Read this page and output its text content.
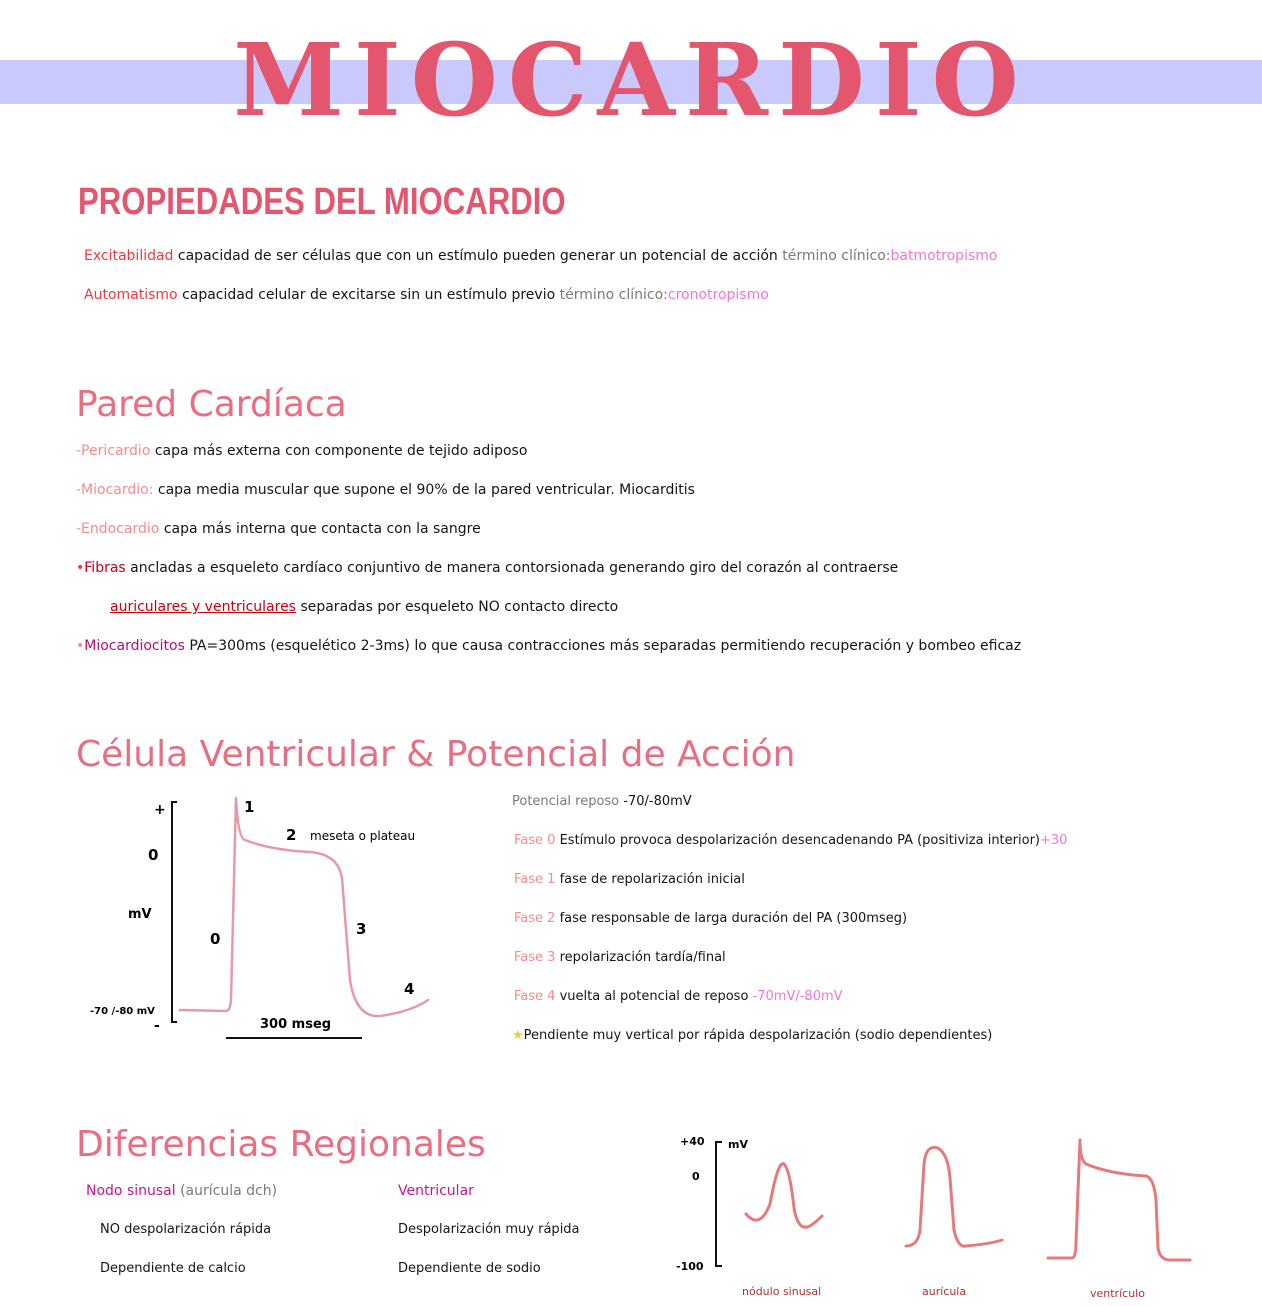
MIOCARDIO
PROPIEDADES DEL MIOCARDIO
Excitabilidad capacidad de ser células que con un estímulo pueden generar un potencial de acción término clínico:batmotropismo
Automatismo capacidad celular de excitarse sin un estímulo previo término clínico:cronotropismo
Pared Cardíaca
-Pericardio capa más externa con componente de tejido adiposo
-Miocardio: capa media muscular que supone el 90% de la pared ventricular. Miocarditis
-Endocardio capa más interna que contacta con la sangre
•Fibras ancladas a esqueleto cardíaco conjuntivo de manera contorsionada generando giro del corazón al contraerse
auriculares y ventriculares separadas por esqueleto NO contacto directo
•Miocardiocitos PA=300ms (esquelético 2-3ms) lo que causa contracciones más separadas permitiendo recuperación y bombeo eficaz
Célula Ventricular & Potencial de Acción
+
0
mV
-70 /-80 mV
-
0
1
2 meseta o plateau
3
4
300 mseg
Potencial reposo -70/-80mV
Fase 0 Estímulo provoca despolarización desencadenando PA (positiviza interior)+30
Fase 1 fase de repolarización inicial
Fase 2 fase responsable de larga duración del PA (300mseg)
Fase 3 repolarización tardía/final
Fase 4 vuelta al potencial de reposo -70mV/-80mV
★Pendiente muy vertical por rápida despolarización (sodio dependientes)
Diferencias Regionales
Nodo sinusal (aurícula dch)
NO despolarización rápida
Dependiente de calcio
Ventricular
Despolarización muy rápida
Dependiente de sodio
+40 mV
0
-100
nódulo sinusal	aurícula	ventrículo
